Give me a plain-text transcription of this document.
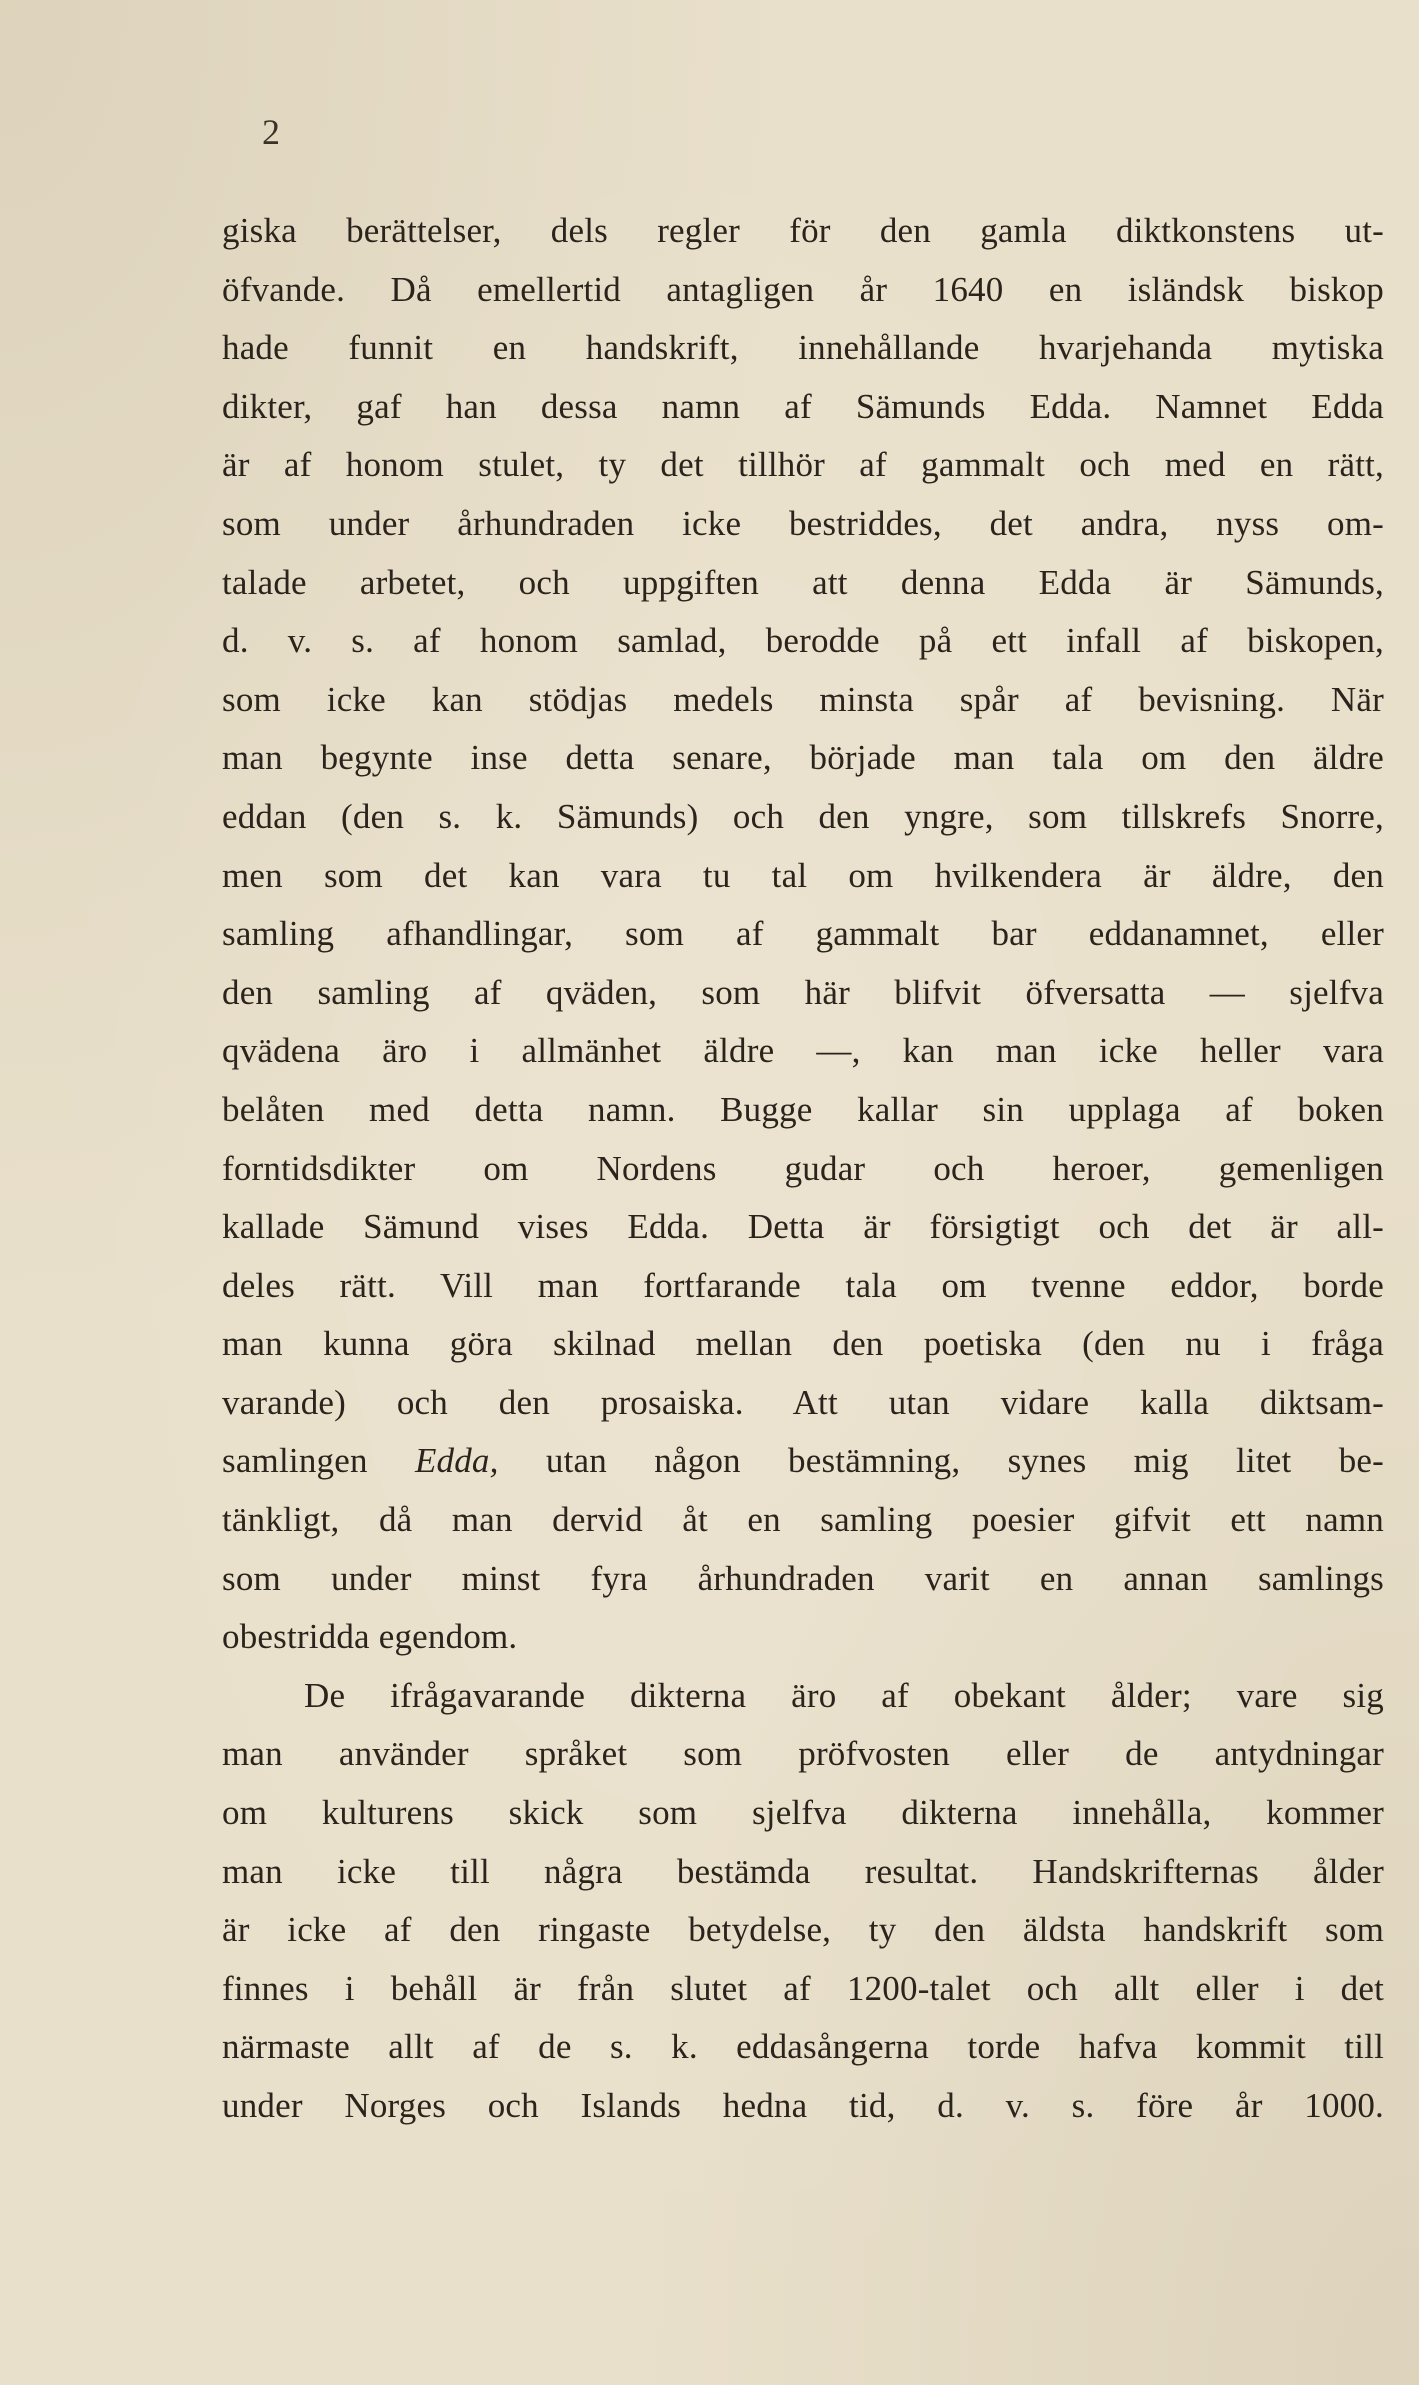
2
giska berättelser, dels regler för den gamla diktkonstens ut-
öfvande. Då emellertid antagligen år 1640 en isländsk biskop
hade funnit en handskrift, innehållande hvarjehanda mytiska
dikter, gaf han dessa namn af Sämunds Edda. Namnet Edda
är af honom stulet, ty det tillhör af gammalt och med en rätt,
som under århundraden icke bestriddes, det andra, nyss om-
talade arbetet, och uppgiften att denna Edda är Sämunds,
d. v. s. af honom samlad, berodde på ett infall af biskopen,
som icke kan stödjas medels minsta spår af bevisning. När
man begynte inse detta senare, började man tala om den äldre
eddan (den s. k. Sämunds) och den yngre, som tillskrefs Snorre,
men som det kan vara tu tal om hvilkendera är äldre, den
samling afhandlingar, som af gammalt bar eddanamnet, eller
den samling af qväden, som här blifvit öfversatta — sjelfva
qvädena äro i allmänhet äldre —, kan man icke heller vara
belåten med detta namn. Bugge kallar sin upplaga af boken
forntidsdikter om Nordens gudar och heroer, gemenligen
kallade Sämund vises Edda. Detta är försigtigt och det är all-
deles rätt. Vill man fortfarande tala om tvenne eddor, borde
man kunna göra skilnad mellan den poetiska (den nu i fråga
varande) och den prosaiska. Att utan vidare kalla diktsam-
samlingen Edda, utan någon bestämning, synes mig litet be-
tänkligt, då man dervid åt en samling poesier gifvit ett namn
som under minst fyra århundraden varit en annan samlings
obestridda egendom.
De ifrågavarande dikterna äro af obekant ålder; vare sig
man använder språket som pröfvosten eller de antydningar
om kulturens skick som sjelfva dikterna innehålla, kommer
man icke till några bestämda resultat. Handskrifternas ålder
är icke af den ringaste betydelse, ty den äldsta handskrift som
finnes i behåll är från slutet af 1200-talet och allt eller i det
närmaste allt af de s. k. eddasångerna torde hafva kommit till
under Norges och Islands hedna tid, d. v. s. före år 1000.
